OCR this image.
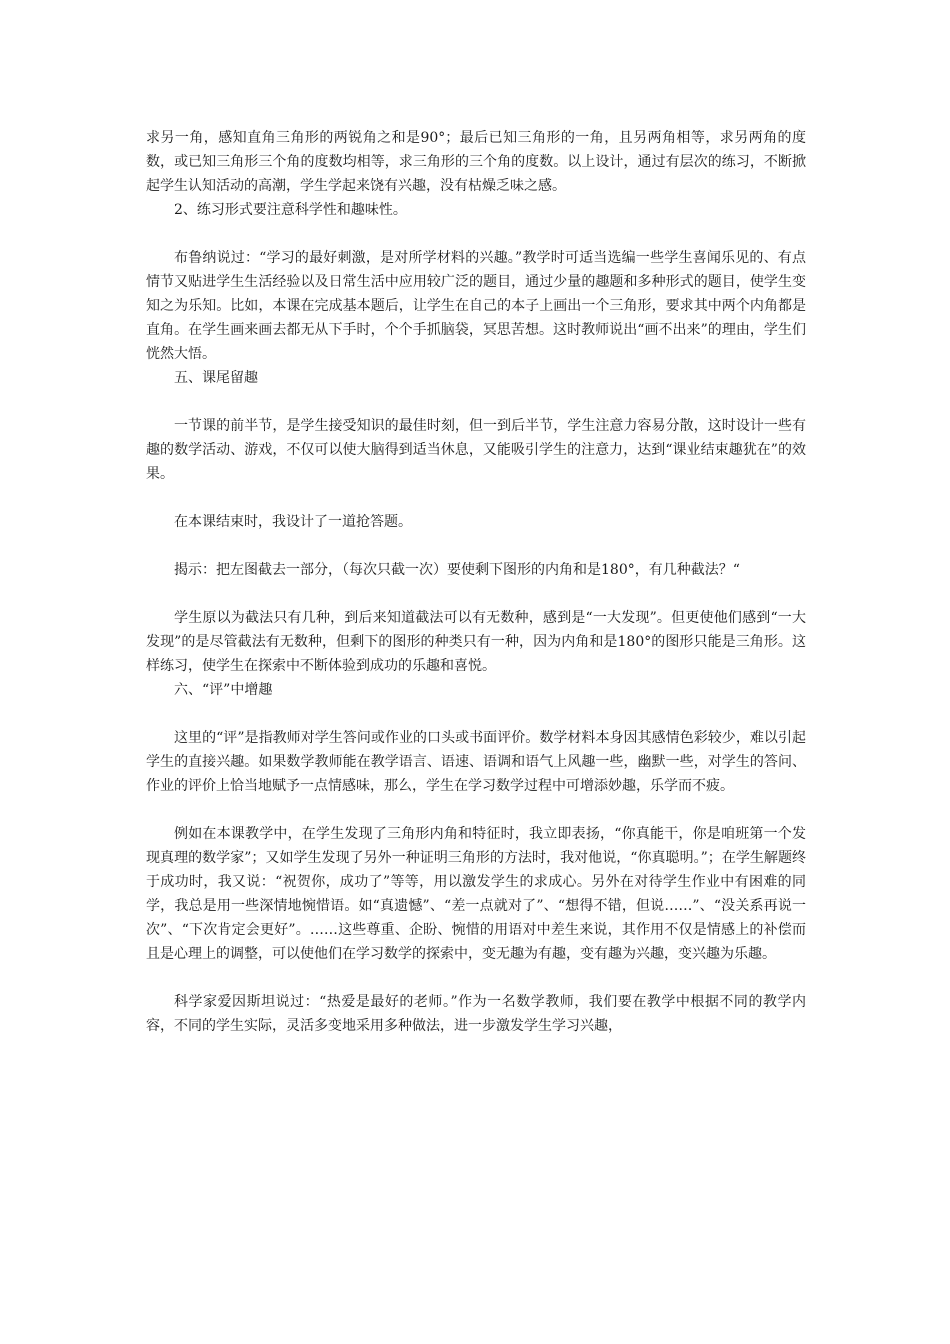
求另一角，感知直角三角形的两锐角之和是90°；最后已知三角形的一角，且另两角相等，求另两角的度数，或已知三角形三个角的度数均相等，求三角形的三个角的度数。以上设计，通过有层次的练习，不断掀起学生认知活动的高潮，学生学起来饶有兴趣，没有枯燥乏味之感。

2、练习形式要注意科学性和趣味性。

布鲁纳说过：“学习的最好刺激，是对所学材料的兴趣。”教学时可适当选编一些学生喜闻乐见的、有点情节又贴进学生生活经验以及日常生活中应用较广泛的题目，通过少量的趣题和多种形式的题目，使学生变知之为乐知。比如，本课在完成基本题后，让学生在自己的本子上画出一个三角形，要求其中两个内角都是直角。在学生画来画去都无从下手时，个个手抓脑袋，冥思苦想。这时教师说出“画不出来”的理由，学生们恍然大悟。

五、课尾留趣

一节课的前半节，是学生接受知识的最佳时刻，但一到后半节，学生注意力容易分散，这时设计一些有趣的数学活动、游戏，不仅可以使大脑得到适当休息，又能吸引学生的注意力，达到“课业结束趣犹在”的效果。

在本课结束时，我设计了一道抢答题。

揭示：把左图截去一部分，（每次只截一次）要使剩下图形的内角和是180°，有几种截法？“

学生原以为截法只有几种，到后来知道截法可以有无数种，感到是“一大发现”。但更使他们感到“一大发现”的是尽管截法有无数种，但剩下的图形的种类只有一种，因为内角和是180°的图形只能是三角形。这样练习，使学生在探索中不断体验到成功的乐趣和喜悦。

六、“评”中增趣

这里的“评”是指教师对学生答问或作业的口头或书面评价。数学材料本身因其感情色彩较少，难以引起学生的直接兴趣。如果数学教师能在教学语言、语速、语调和语气上风趣一些，幽默一些，对学生的答问、作业的评价上恰当地赋予一点情感味，那么，学生在学习数学过程中可增添妙趣，乐学而不疲。

例如在本课教学中，在学生发现了三角形内角和特征时，我立即表扬，“你真能干，你是咱班第一个发现真理的数学家”；又如学生发现了另外一种证明三角形的方法时，我对他说，“你真聪明。”；在学生解题终于成功时，我又说：“祝贺你，成功了”等等，用以激发学生的求成心。另外在对待学生作业中有困难的同学，我总是用一些深情地惋惜语。如“真遗憾”、“差一点就对了”、“想得不错，但说……”、“没关系再说一次”、“下次肯定会更好”。……这些尊重、企盼、惋惜的用语对中差生来说，其作用不仅是情感上的补偿而且是心理上的调整，可以使他们在学习数学的探索中，变无趣为有趣，变有趣为兴趣，变兴趣为乐趣。

科学家爱因斯坦说过：“热爱是最好的老师。”作为一名数学教师，我们要在教学中根据不同的教学内容，不同的学生实际，灵活多变地采用多种做法，进一步激发学生学习兴趣，
